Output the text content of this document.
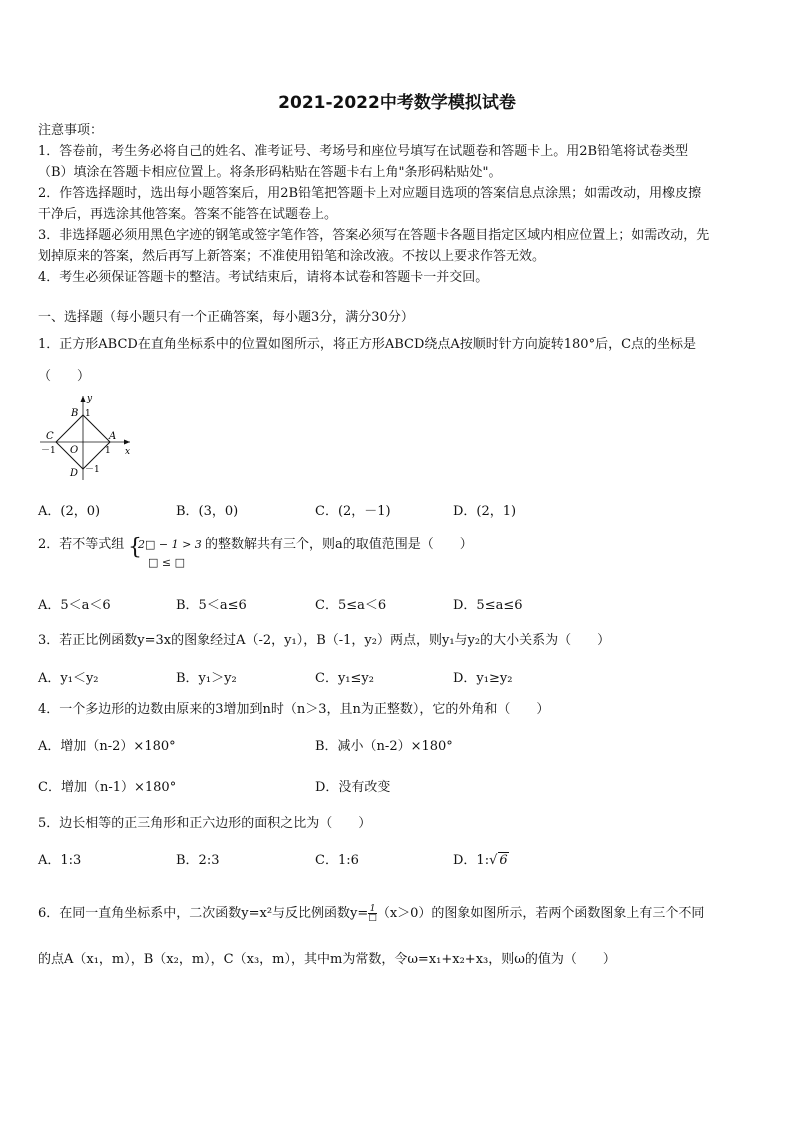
2021-2022中考数学模拟试卷
注意事项：
1．答卷前，考生务必将自己的姓名、准考证号、考场号和座位号填写在试题卷和答题卡上。用2B铅笔将试卷类型
（B）填涂在答题卡相应位置上。将条形码粘贴在答题卡右上角"条形码粘贴处"。
2．作答选择题时，选出每小题答案后，用2B铅笔把答题卡上对应题目选项的答案信息点涂黑；如需改动，用橡皮擦
干净后，再选涂其他答案。答案不能答在试题卷上。
3．非选择题必须用黑色字迹的钢笔或签字笔作答，答案必须写在答题卡各题目指定区域内相应位置上；如需改动，先
划掉原来的答案，然后再写上新答案；不准使用铅笔和涂改液。不按以上要求作答无效。
4．考生必须保证答题卡的整洁。考试结束后，请将本试卷和答题卡一并交回。
一、选择题（每小题只有一个正确答案，每小题3分，满分30分）
1．正方形ABCD在直角坐标系中的位置如图所示，将正方形ABCD绕点A按顺时针方向旋转180°后，C点的坐标是
（　　）
y
B 1
C	A
x
－1 O	1
D －1
A．(2，0)	B．(3，0)	C．(2，－1)	D．(2，1)
2．若不等式组 {
2□ − 1 > 3
□ ≤ □
的整数解共有三个，则a的取值范围是（　　）
A．5＜a＜6	B．5＜a≤6	C．5≤a＜6	D．5≤a≤6
3．若正比例函数y=3x的图象经过A（-2，y₁），B（-1，y₂）两点，则y₁与y₂的大小关系为（　　）
A．y₁＜y₂	B．y₁＞y₂	C．y₁≤y₂	D．y₁≥y₂
4．一个多边形的边数由原来的3增加到n时（n＞3，且n为正整数），它的外角和（　　）
A．增加（n-2）×180°	B．减小（n-2）×180°
C．增加（n-1）×180°	D．没有改变
5．边长相等的正三角形和正六边形的面积之比为（　　）
A．1:3	B．2:3	C．1:6	D．1:√ 6
6．在同一直角坐标系中，二次函数y=x²与反比例函数$y= \frac{1}{□} (x>0)$的图象如图所示，若两个函数图象上有三个不同
的点A（x₁，m），B（x₂，m），C（x₃，m），其中m为常数，令ω=x₁+x₂+x₃，则ω的值为（　　）
